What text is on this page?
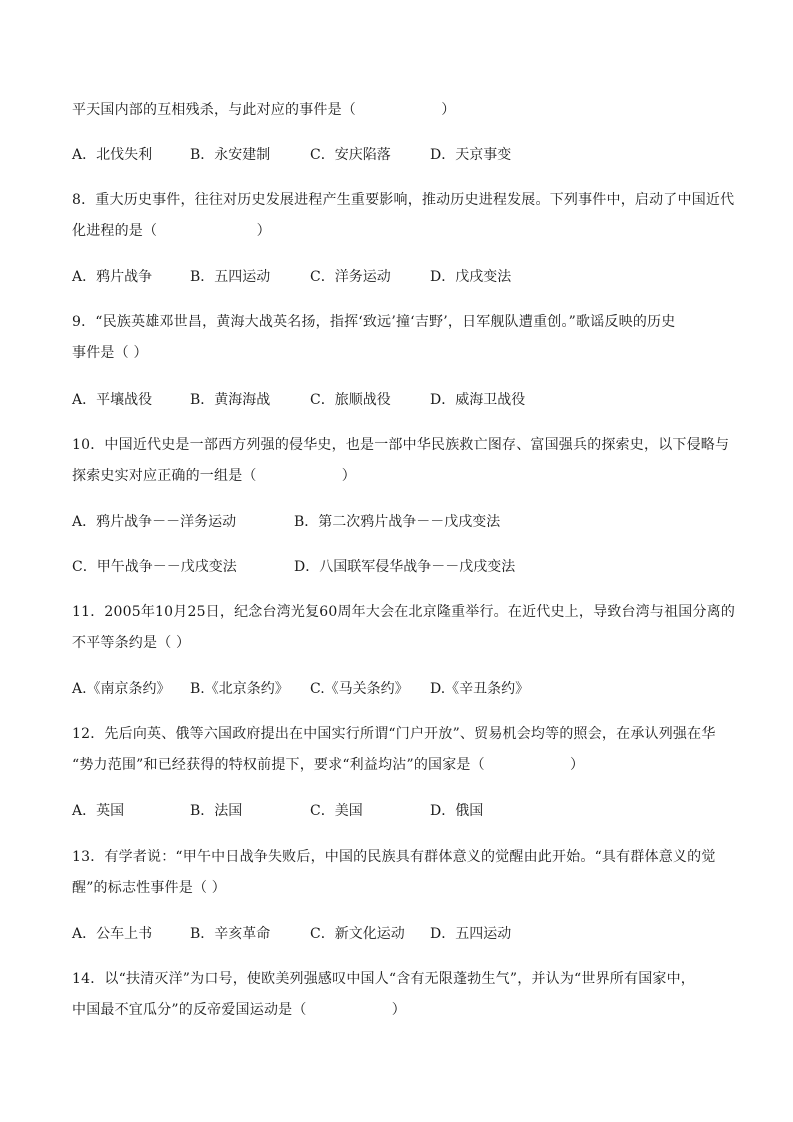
平天国内部的互相残杀，与此对应的事件是（　　　　　　）
A．北伐失利	B．永安建制	C．安庆陷落	D．天京事变
8．重大历史事件，往往对历史发展进程产生重要影响，推动历史进程发展。下列事件中，启动了中国近代
化进程的是（　　　　　　　）
A．鸦片战争	B．五四运动	C．洋务运动	D．戊戌变法
9．“民族英雄邓世昌，黄海大战英名扬，指挥‘致远’撞‘吉野’，日军舰队遭重创。”歌谣反映的历史
事件是（ ）
A．平壤战役	B．黄海海战	C．旅顺战役	D．威海卫战役
10．中国近代史是一部西方列强的侵华史，也是一部中华民族救亡图存、富国强兵的探索史，以下侵略与
探索史实对应正确的一组是（　　　　　　）
A．鸦片战争－－洋务运动	B．第二次鸦片战争－－戊戌变法
C．甲午战争－－戊戌变法	D．八国联军侵华战争－－戊戌变法
11．2005年10月25日，纪念台湾光复60周年大会在北京隆重举行。在近代史上，导致台湾与祖国分离的
不平等条约是（ ）
A.《南京条约》 B.《北京条约》 C.《马关条约》 D.《辛丑条约》
12．先后向英、俄等六国政府提出在中国实行所谓“门户开放”、贸易机会均等的照会，在承认列强在华
“势力范围”和已经获得的特权前提下，要求“利益均沾”的国家是（　　　　　　）
A．英国	B．法国	C．美国	D．俄国
13．有学者说：“甲午中日战争失败后，中国的民族具有群体意义的觉醒由此开始。“具有群体意义的觉
醒”的标志性事件是（ ）
A．公车上书	B．辛亥革命	C．新文化运动 D．五四运动
14．以“扶清灭洋”为口号，使欧美列强感叹中国人“含有无限蓬勃生气”，并认为“世界所有国家中，
中国最不宜瓜分”的反帝爱国运动是（　　　　　　）
